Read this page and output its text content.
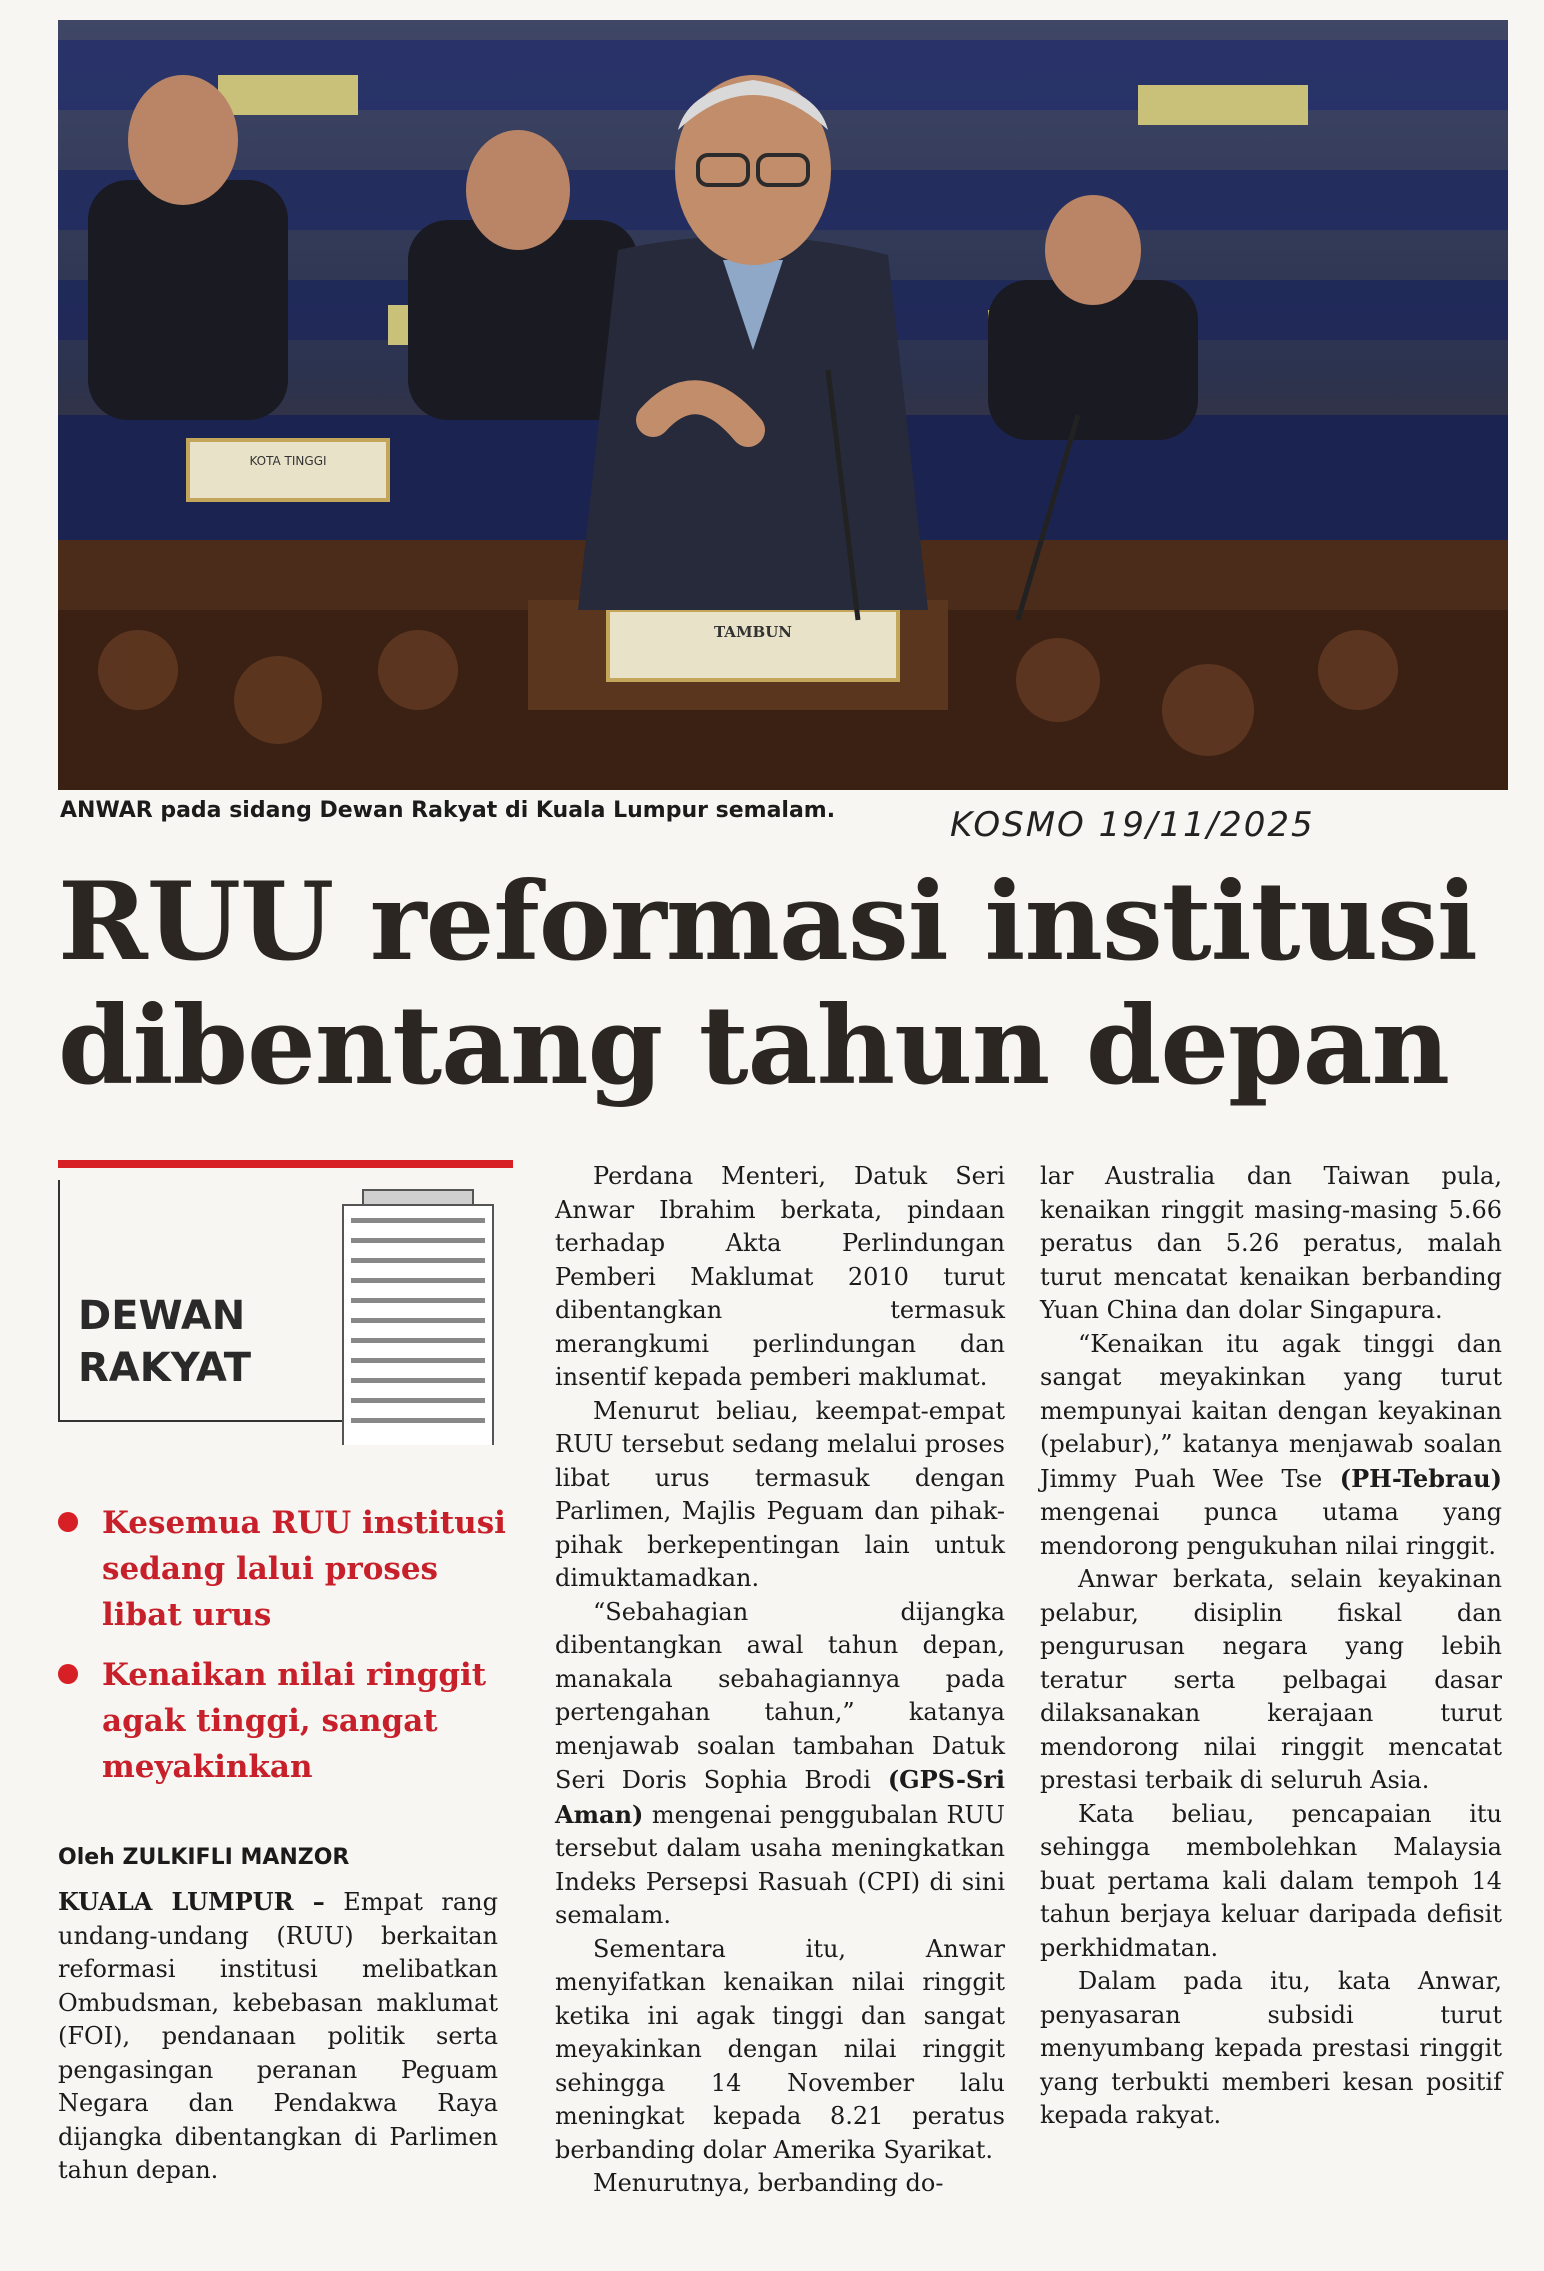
KOTA TINGGI
TAMBUN
ANWAR pada sidang Dewan Rakyat di Kuala Lumpur semalam.	KOSMO 19/11/2025
RUU reformasi institusi
dibentang tahun depan
DEWAN
RAKYAT
Kesemua RUU institusi sedang lalui proses libat urus
Kenaikan nilai ringgit agak tinggi, sangat meyakinkan
Oleh ZULKIFLI MANZOR

KUALA LUMPUR – Empat rang undang-undang (RUU) berkaitan reformasi institusi melibatkan Ombudsman, kebebasan maklumat (FOI), pendanaan politik serta pengasingan peranan Peguam Negara dan Pendakwa Raya dijangka dibentangkan di Parlimen tahun depan.

Perdana Menteri, Datuk Seri Anwar Ibrahim berkata, pindaan terhadap Akta Perlindungan Pemberi Maklumat 2010 turut dibentangkan termasuk merangkumi perlindungan dan insentif kepada pemberi maklumat.

Menurut beliau, keempat-empat RUU tersebut sedang melalui proses libat urus termasuk dengan Parlimen, Majlis Peguam dan pihak-pihak berkepentingan lain untuk dimuktamadkan.

“Sebahagian dijangka dibentangkan awal tahun depan, manakala sebahagiannya pada pertengahan tahun,” katanya menjawab soalan tambahan Datuk Seri Doris Sophia Brodi (GPS-Sri Aman) mengenai penggubalan RUU tersebut dalam usaha meningkatkan Indeks Persepsi Rasuah (CPI) di sini semalam.

Sementara itu, Anwar menyifatkan kenaikan nilai ringgit ketika ini agak tinggi dan sangat meyakinkan dengan nilai ringgit sehingga 14 November lalu meningkat kepada 8.21 peratus berbanding dolar Amerika Syarikat.

Menurutnya, berbanding do-

lar Australia dan Taiwan pula, kenaikan ringgit masing-masing 5.66 peratus dan 5.26 peratus, malah turut mencatat kenaikan berbanding Yuan China dan dolar Singapura.

“Kenaikan itu agak tinggi dan sangat meyakinkan yang turut mempunyai kaitan dengan keyakinan (pelabur),” katanya menjawab soalan Jimmy Puah Wee Tse (PH-Tebrau) mengenai punca utama yang mendorong pengukuhan nilai ringgit.

Anwar berkata, selain keyakinan pelabur, disiplin fiskal dan pengurusan negara yang lebih teratur serta pelbagai dasar dilaksanakan kerajaan turut mendorong nilai ringgit mencatat prestasi terbaik di seluruh Asia.

Kata beliau, pencapaian itu sehingga membolehkan Malaysia buat pertama kali dalam tempoh 14 tahun berjaya keluar daripada defisit perkhidmatan.

Dalam pada itu, kata Anwar, penyasaran subsidi turut menyumbang kepada prestasi ringgit yang terbukti memberi kesan positif kepada rakyat.
